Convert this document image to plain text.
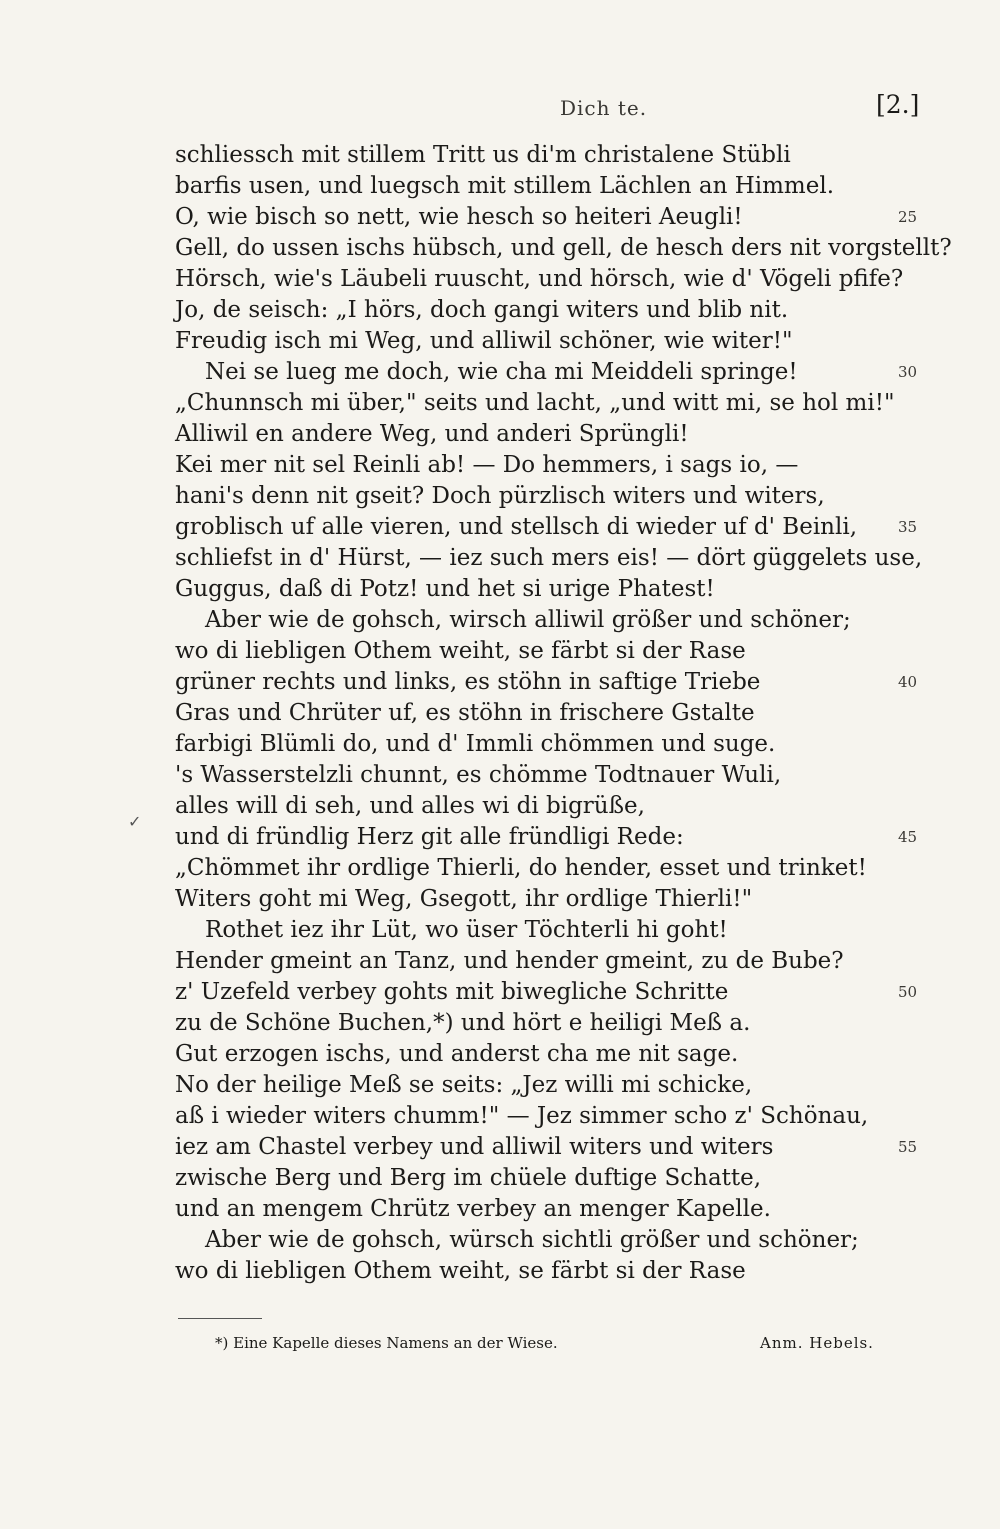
Dich te.	[2.]
schliessch mit stillem Tritt us di'm christalene Stübli
barfis usen, und luegsch mit stillem Lächlen an Himmel.
O, wie bisch so nett, wie hesch so heiteri Aeugli!	25
Gell, do ussen ischs hübsch, und gell, de hesch ders nit vorgstellt?
Hörsch, wie's Läubeli ruuscht, und hörsch, wie d' Vögeli pfife?
Jo, de seisch: „I hörs, doch gangi witers und blib nit.
Freudig isch mi Weg, und alliwil schöner, wie witer!"
Nei se lueg me doch, wie cha mi Meiddeli springe!	30
„Chunnsch mi über," seits und lacht, „und witt mi, se hol mi!"
Alliwil en andere Weg, und anderi Sprüngli!
Kei mer nit sel Reinli ab! — Do hemmers, i sags io, —
hani's denn nit gseit? Doch pürzlisch witers und witers,
groblisch uf alle vieren, und stellsch di wieder uf d' Beinli,	35
schliefst in d' Hürst, — iez such mers eis! — dört güggelets use,
Guggus, daß di Potz! und het si urige Phatest!
Aber wie de gohsch, wirsch alliwil größer und schöner;
wo di liebligen Othem weiht, se färbt si der Rase
grüner rechts und links, es stöhn in saftige Triebe	40
Gras und Chrüter uf, es stöhn in frischere Gstalte
farbigi Blümli do, und d' Immli chömmen und suge.
's Wasserstelzli chunnt, es chömme Todtnauer Wuli,
alles will di seh, und alles wi di bigrüße,
und di fründlig Herz git alle fründligi Rede:	45
„Chömmet ihr ordlige Thierli, do hender, esset und trinket!
Witers goht mi Weg, Gsegott, ihr ordlige Thierli!"
Rothet iez ihr Lüt, wo üser Töchterli hi goht!
Hender gmeint an Tanz, und hender gmeint, zu de Bube?
z' Uzefeld verbey gohts mit biwegliche Schritte	50
zu de Schöne Buchen,*) und hört e heiligi Meß a.
Gut erzogen ischs, und anderst cha me nit sage.
No der heilige Meß se seits: „Jez willi mi schicke,
aß i wieder witers chumm!" — Jez simmer scho z' Schönau,
iez am Chastel verbey und alliwil witers und witers	55
zwische Berg und Berg im chüele duftige Schatte,
und an mengem Chrütz verbey an menger Kapelle.
Aber wie de gohsch, würsch sichtli größer und schöner;
wo di liebligen Othem weiht, se färbt si der Rase
✓
*) Eine Kapelle dieses Namens an der Wiese.	Anm. Hebels.
